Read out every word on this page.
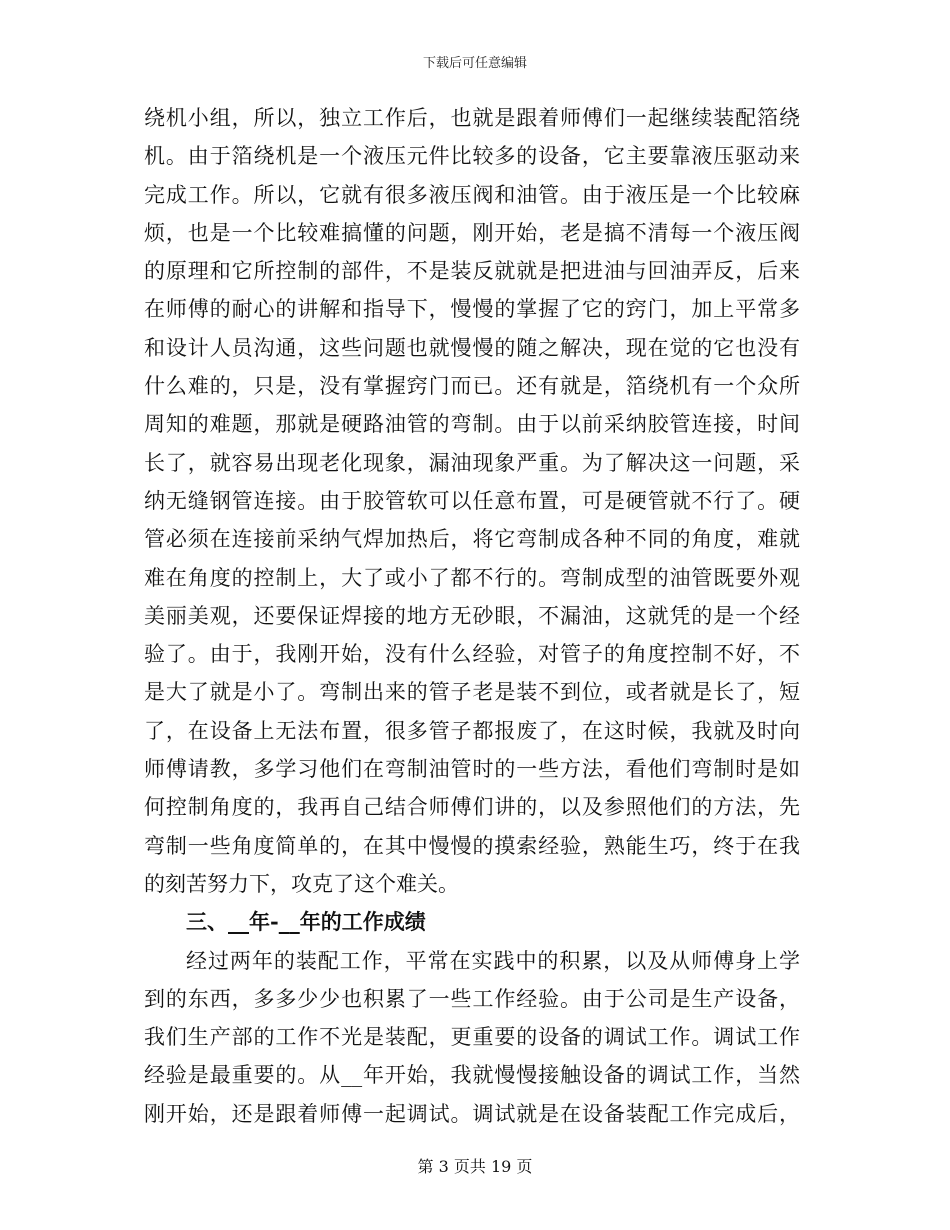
下载后可任意编辑
绕机小组，所以，独立工作后，也就是跟着师傅们一起继续装配箔绕
机。由于箔绕机是一个液压元件比较多的设备，它主要靠液压驱动来
完成工作。所以，它就有很多液压阀和油管。由于液压是一个比较麻
烦，也是一个比较难搞懂的问题，刚开始，老是搞不清每一个液压阀
的原理和它所控制的部件，不是装反就就是把进油与回油弄反，后来
在师傅的耐心的讲解和指导下，慢慢的掌握了它的窍门，加上平常多
和设计人员沟通，这些问题也就慢慢的随之解决，现在觉的它也没有
什么难的，只是，没有掌握窍门而已。还有就是，箔绕机有一个众所
周知的难题，那就是硬路油管的弯制。由于以前采纳胶管连接，时间
长了，就容易出现老化现象，漏油现象严重。为了解决这一问题，采
纳无缝钢管连接。由于胶管软可以任意布置，可是硬管就不行了。硬
管必须在连接前采纳气焊加热后，将它弯制成各种不同的角度，难就
难在角度的控制上，大了或小了都不行的。弯制成型的油管既要外观
美丽美观，还要保证焊接的地方无砂眼，不漏油，这就凭的是一个经
验了。由于，我刚开始，没有什么经验，对管子的角度控制不好，不
是大了就是小了。弯制出来的管子老是装不到位，或者就是长了，短
了，在设备上无法布置，很多管子都报废了，在这时候，我就及时向
师傅请教，多学习他们在弯制油管时的一些方法，看他们弯制时是如
何控制角度的，我再自己结合师傅们讲的，以及参照他们的方法，先
弯制一些角度简单的，在其中慢慢的摸索经验，熟能生巧，终于在我
的刻苦努力下，攻克了这个难关。
三、__年-__年的工作成绩
经过两年的装配工作，平常在实践中的积累，以及从师傅身上学
到的东西，多多少少也积累了一些工作经验。由于公司是生产设备，
我们生产部的工作不光是装配，更重要的设备的调试工作。调试工作
经验是最重要的。从__年开始，我就慢慢接触设备的调试工作，当然
刚开始，还是跟着师傅一起调试。调试就是在设备装配工作完成后，
第 3 页共 19 页
